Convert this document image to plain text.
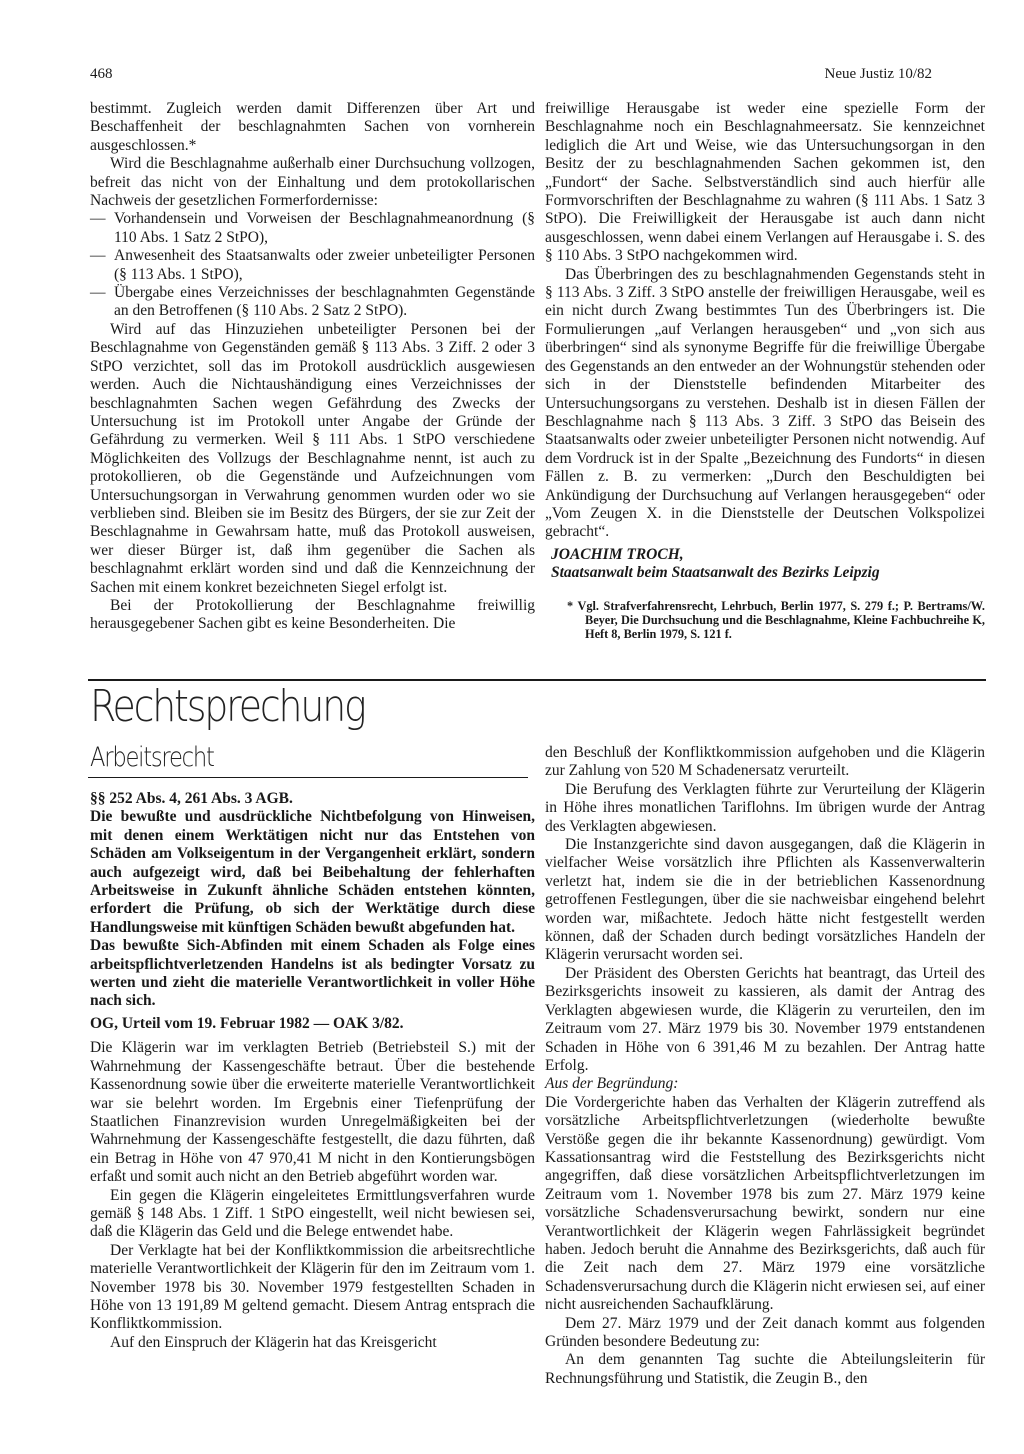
468	Neue Justiz 10/82

bestimmt. Zugleich werden damit Differenzen über Art und Beschaffenheit der beschlagnahmten Sachen von vornherein ausgeschlossen.*

Wird die Beschlagnahme außerhalb einer Durchsuchung vollzogen, befreit das nicht von der Einhaltung und dem protokollarischen Nachweis der gesetzlichen Formerfordernisse:

— Vorhandensein und Vorweisen der Beschlagnahmeanordnung (§ 110 Abs. 1 Satz 2 StPO),
— Anwesenheit des Staatsanwalts oder zweier unbeteiligter Personen (§ 113 Abs. 1 StPO),
— Übergabe eines Verzeichnisses der beschlagnahmten Gegenstände an den Betroffenen (§ 110 Abs. 2 Satz 2 StPO).

Wird auf das Hinzuziehen unbeteiligter Personen bei der Beschlagnahme von Gegenständen gemäß § 113 Abs. 3 Ziff. 2 oder 3 StPO verzichtet, soll das im Protokoll ausdrücklich ausgewiesen werden. Auch die Nichtaushändigung eines Verzeichnisses der beschlagnahmten Sachen wegen Gefährdung des Zwecks der Untersuchung ist im Protokoll unter Angabe der Gründe der Gefährdung zu vermerken. Weil § 111 Abs. 1 StPO verschiedene Möglichkeiten des Vollzugs der Beschlagnahme nennt, ist auch zu protokollieren, ob die Gegenstände und Aufzeichnungen vom Untersuchungsorgan in Verwahrung genommen wurden oder wo sie verblieben sind. Bleiben sie im Besitz des Bürgers, der sie zur Zeit der Beschlagnahme in Gewahrsam hatte, muß das Protokoll ausweisen, wer dieser Bürger ist, daß ihm gegenüber die Sachen als beschlagnahmt erklärt worden sind und daß die Kennzeichnung der Sachen mit einem konkret bezeichneten Siegel erfolgt ist.

Bei der Protokollierung der Beschlagnahme freiwillig herausgegebener Sachen gibt es keine Besonderheiten. Die

freiwillige Herausgabe ist weder eine spezielle Form der Beschlagnahme noch ein Beschlagnahmeersatz. Sie kennzeichnet lediglich die Art und Weise, wie das Untersuchungsorgan in den Besitz der zu beschlagnahmenden Sachen gekommen ist, den „Fundort“ der Sache. Selbstverständlich sind auch hierfür alle Formvorschriften der Beschlagnahme zu wahren (§ 111 Abs. 1 Satz 3 StPO). Die Freiwilligkeit der Herausgabe ist auch dann nicht ausgeschlossen, wenn dabei einem Verlangen auf Herausgabe i. S. des § 110 Abs. 3 StPO nachgekommen wird.

Das Überbringen des zu beschlagnahmenden Gegenstands steht in § 113 Abs. 3 Ziff. 3 StPO anstelle der freiwilligen Herausgabe, weil es ein nicht durch Zwang bestimmtes Tun des Überbringers ist. Die Formulierungen „auf Verlangen herausgeben“ und „von sich aus überbringen“ sind als synonyme Begriffe für die freiwillige Übergabe des Gegenstands an den entweder an der Wohnungstür stehenden oder sich in der Dienststelle befindenden Mitarbeiter des Untersuchungsorgans zu verstehen. Deshalb ist in diesen Fällen der Beschlagnahme nach § 113 Abs. 3 Ziff. 3 StPO das Beisein des Staatsanwalts oder zweier unbeteiligter Personen nicht notwendig. Auf dem Vordruck ist in der Spalte „Bezeichnung des Fundorts“ in diesen Fällen z. B. zu vermerken: „Durch den Beschuldigten bei Ankündigung der Durchsuchung auf Verlangen herausgegeben“ oder „Vom Zeugen X. in die Dienststelle der Deutschen Volkspolizei gebracht“.

JOACHIM TROCH,

Staatsanwalt beim Staatsanwalt des Bezirks Leipzig

* Vgl. Strafverfahrensrecht, Lehrbuch, Berlin 1977, S. 279 f.; P. Bertrams/W. Beyer, Die Durchsuchung und die Beschlagnahme, Kleine Fachbuchreihe K, Heft 8, Berlin 1979, S. 121 f.

Rechtsprechung
Arbeitsrecht

§§ 252 Abs. 4, 261 Abs. 3 AGB.

Die bewußte und ausdrückliche Nichtbefolgung von Hinweisen, mit denen einem Werktätigen nicht nur das Entstehen von Schäden am Volkseigentum in der Vergangenheit erklärt, sondern auch aufgezeigt wird, daß bei Beibehaltung der fehlerhaften Arbeitsweise in Zukunft ähnliche Schäden entstehen könnten, erfordert die Prüfung, ob sich der Werktätige durch diese Handlungsweise mit künftigen Schäden bewußt abgefunden hat.

Das bewußte Sich-Abfinden mit einem Schaden als Folge eines arbeitspflichtverletzenden Handelns ist als bedingter Vorsatz zu werten und zieht die materielle Verantwortlichkeit in voller Höhe nach sich.

OG, Urteil vom 19. Februar 1982 — OAK 3/82.

Die Klägerin war im verklagten Betrieb (Betriebsteil S.) mit der Wahrnehmung der Kassengeschäfte betraut. Über die bestehende Kassenordnung sowie über die erweiterte materielle Verantwortlichkeit war sie belehrt worden. Im Ergebnis einer Tiefenprüfung der Staatlichen Finanzrevision wurden Unregelmäßigkeiten bei der Wahrnehmung der Kassengeschäfte festgestellt, die dazu führten, daß ein Betrag in Höhe von 47 970,41 M nicht in den Kontierungsbögen erfaßt und somit auch nicht an den Betrieb abgeführt worden war.

Ein gegen die Klägerin eingeleitetes Ermittlungsverfahren wurde gemäß § 148 Abs. 1 Ziff. 1 StPO eingestellt, weil nicht bewiesen sei, daß die Klägerin das Geld und die Belege entwendet habe.

Der Verklagte hat bei der Konfliktkommission die arbeitsrechtliche materielle Verantwortlichkeit der Klägerin für den im Zeitraum vom 1. November 1978 bis 30. November 1979 festgestellten Schaden in Höhe von 13 191,89 M geltend gemacht. Diesem Antrag entsprach die Konfliktkommission.

Auf den Einspruch der Klägerin hat das Kreisgericht

den Beschluß der Konfliktkommission aufgehoben und die Klägerin zur Zahlung von 520 M Schadenersatz verurteilt.

Die Berufung des Verklagten führte zur Verurteilung der Klägerin in Höhe ihres monatlichen Tariflohns. Im übrigen wurde der Antrag des Verklagten abgewiesen.

Die Instanzgerichte sind davon ausgegangen, daß die Klägerin in vielfacher Weise vorsätzlich ihre Pflichten als Kassenverwalterin verletzt hat, indem sie die in der betrieblichen Kassenordnung getroffenen Festlegungen, über die sie nachweisbar eingehend belehrt worden war, mißachtete. Jedoch hätte nicht festgestellt werden können, daß der Schaden durch bedingt vorsätzliches Handeln der Klägerin verursacht worden sei.

Der Präsident des Obersten Gerichts hat beantragt, das Urteil des Bezirksgerichts insoweit zu kassieren, als damit der Antrag des Verklagten abgewiesen wurde, die Klägerin zu verurteilen, den im Zeitraum vom 27. März 1979 bis 30. November 1979 entstandenen Schaden in Höhe von 6 391,46 M zu bezahlen. Der Antrag hatte Erfolg.

Aus der Begründung:

Die Vordergerichte haben das Verhalten der Klägerin zutreffend als vorsätzliche Arbeitspflichtverletzungen (wiederholte bewußte Verstöße gegen die ihr bekannte Kassenordnung) gewürdigt. Vom Kassationsantrag wird die Feststellung des Bezirksgerichts nicht angegriffen, daß diese vorsätzlichen Arbeitspflichtverletzungen im Zeitraum vom 1. November 1978 bis zum 27. März 1979 keine vorsätzliche Schadensverursachung bewirkt, sondern nur eine Verantwortlichkeit der Klägerin wegen Fahrlässigkeit begründet haben. Jedoch beruht die Annahme des Bezirksgerichts, daß auch für die Zeit nach dem 27. März 1979 eine vorsätzliche Schadensverursachung durch die Klägerin nicht erwiesen sei, auf einer nicht ausreichenden Sachaufklärung.

Dem 27. März 1979 und der Zeit danach kommt aus folgenden Gründen besondere Bedeutung zu:

An dem genannten Tag suchte die Abteilungsleiterin für Rechnungsführung und Statistik, die Zeugin B., den
